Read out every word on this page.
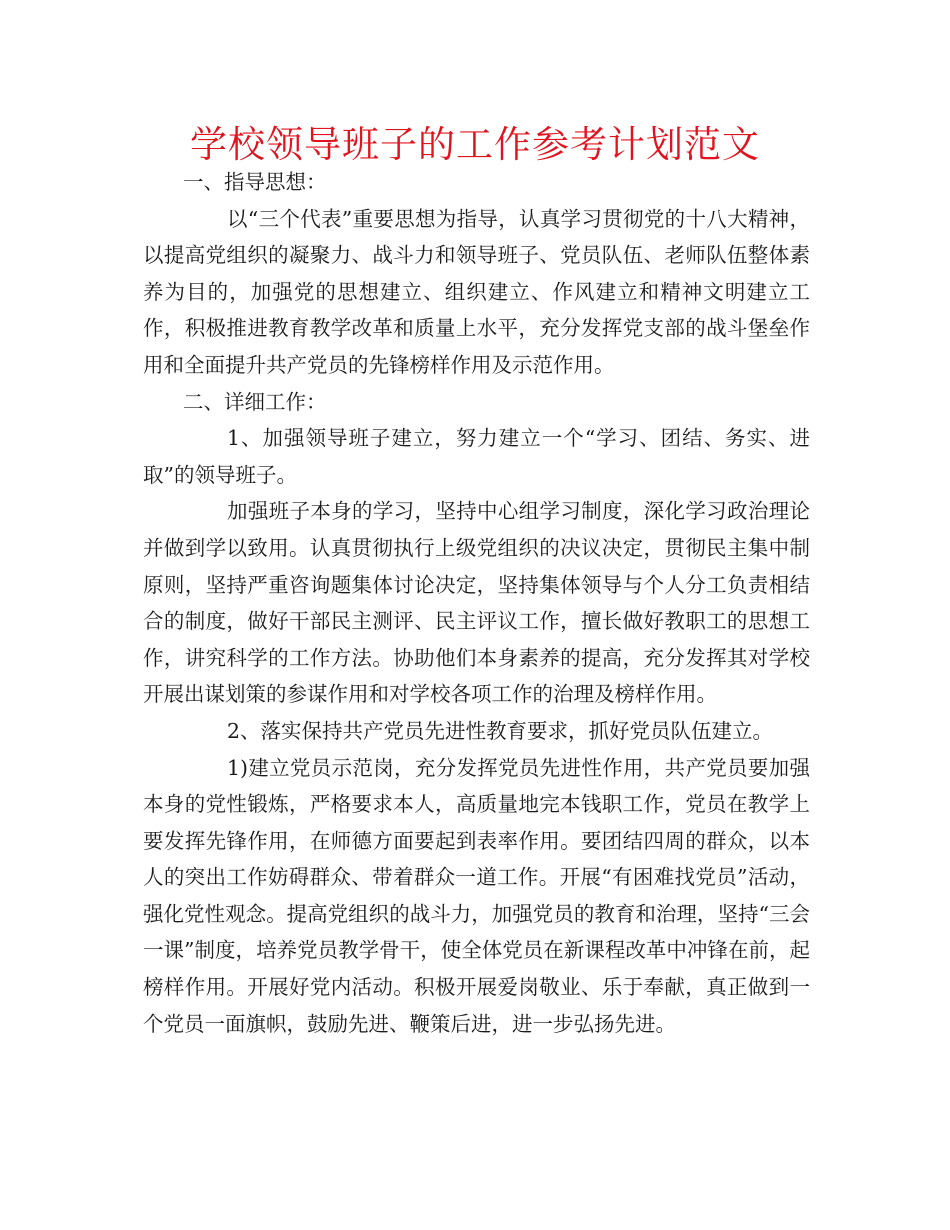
学校领导班子的工作参考计划范文

一、指导思想：

以“三个代表”重要思想为指导，认真学习贯彻党的十八大精神，以提高党组织的凝聚力、战斗力和领导班子、党员队伍、老师队伍整体素养为目的，加强党的思想建立、组织建立、作风建立和精神文明建立工作，积极推进教育教学改革和质量上水平，充分发挥党支部的战斗堡垒作用和全面提升共产党员的先锋榜样作用及示范作用。

二、详细工作：

1、加强领导班子建立，努力建立一个“学习、团结、务实、进取”的领导班子。

加强班子本身的学习，坚持中心组学习制度，深化学习政治理论并做到学以致用。认真贯彻执行上级党组织的决议决定，贯彻民主集中制原则，坚持严重咨询题集体讨论决定，坚持集体领导与个人分工负责相结合的制度，做好干部民主测评、民主评议工作，擅长做好教职工的思想工作，讲究科学的工作方法。协助他们本身素养的提高，充分发挥其对学校开展出谋划策的参谋作用和对学校各项工作的治理及榜样作用。

2、落实保持共产党员先进性教育要求，抓好党员队伍建立。

1)建立党员示范岗，充分发挥党员先进性作用，共产党员要加强本身的党性锻炼，严格要求本人，高质量地完本钱职工作，党员在教学上要发挥先锋作用，在师德方面要起到表率作用。要团结四周的群众，以本人的突出工作妨碍群众、带着群众一道工作。开展“有困难找党员”活动，强化党性观念。提高党组织的战斗力，加强党员的教育和治理，坚持“三会一课”制度，培养党员教学骨干，使全体党员在新课程改革中冲锋在前，起榜样作用。开展好党内活动。积极开展爱岗敬业、乐于奉献，真正做到一个党员一面旗帜，鼓励先进、鞭策后进，进一步弘扬先进。
